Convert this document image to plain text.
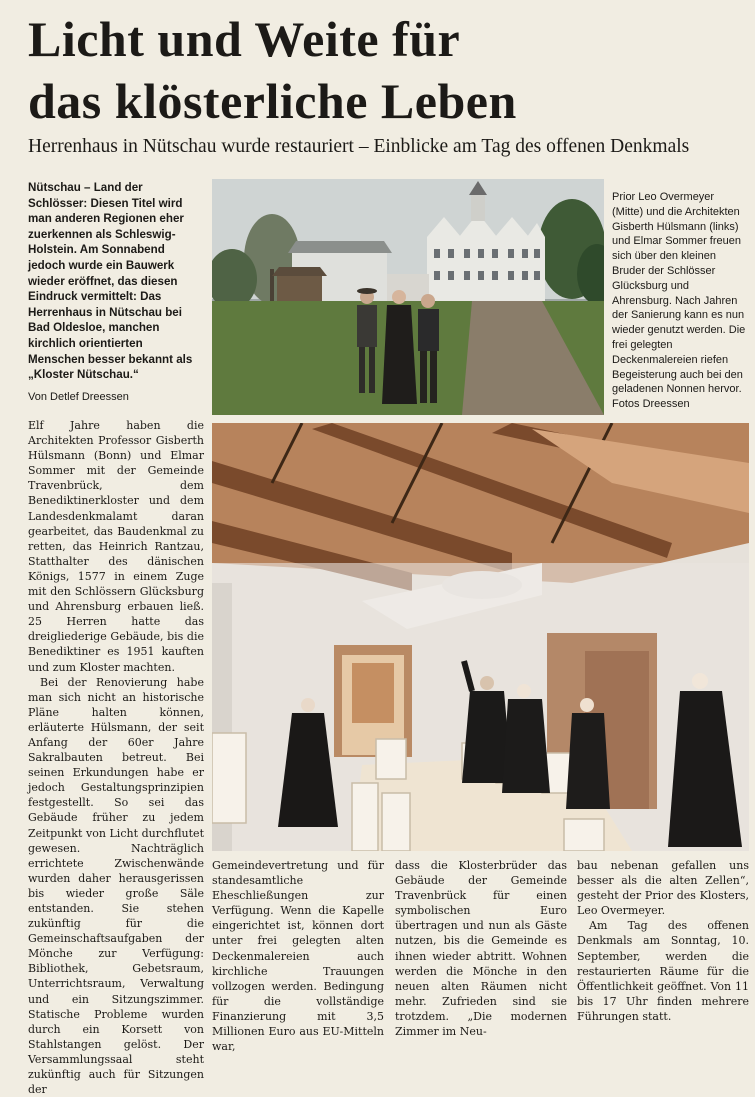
Licht und Weite für
das klösterliche Leben

Herrenhaus in Nütschau wurde restauriert – Einblicke am Tag des offenen Denkmals

Nütschau – Land der Schlösser: Diesen Titel wird man anderen Regionen eher zuerkennen als Schleswig-Holstein. Am Sonnabend jedoch wurde ein Bauwerk wieder eröffnet, das diesen Eindruck vermittelt: Das Herrenhaus in Nütschau bei Bad Oldesloe, manchen kirchlich orientierten Menschen besser bekannt als „Kloster Nütschau.“

Von Detlef Dreessen

Prior Leo Overmeyer (Mitte) und die Architekten Gisberth Hülsmann (links) und Elmar Sommer freuen sich über den kleinen Bruder der Schlösser Glücksburg und Ahrensburg. Nach Jahren der Sanierung kann es nun wieder genutzt werden. Die frei gelegten Deckenmalereien riefen Begeisterung auch bei den geladenen Nonnen hervor. Fotos Dreessen

Elf Jahre haben die Architekten Professor Gisberth Hülsmann (Bonn) und Elmar Sommer mit der Gemeinde Travenbrück, dem Benediktinerkloster und dem Landesdenkmalamt daran gearbeitet, das Baudenkmal zu retten, das Heinrich Rantzau, Statthalter des dänischen Königs, 1577 in einem Zuge mit den Schlössern Glücksburg und Ahrensburg erbauen ließ. 25 Herren hatte das dreigliederige Gebäude, bis die Benediktiner es 1951 kauften und zum Kloster machten.

Bei der Renovierung habe man sich nicht an historische Pläne halten können, erläuterte Hülsmann, der seit Anfang der 60er Jahre Sakralbauten betreut. Bei seinen Erkundungen habe er jedoch Gestaltungsprinzipien festgestellt. So sei das Gebäude früher zu jedem Zeitpunkt von Licht durchflutet gewesen. Nachträglich errichtete Zwischenwände wurden daher herausgerissen bis wieder große Säle entstanden. Sie stehen zukünftig für die Gemeinschaftsaufgaben der Mönche zur Verfügung: Bibliothek, Gebetsraum, Unterrichtsraum, Verwaltung und ein Sitzungszimmer. Statische Probleme wurden durch ein Korsett von Stahlstangen gelöst. Der Versammlungssaal steht zukünftig auch für Sitzungen der

Gemeindevertretung und für standesamtliche Eheschließungen zur Verfügung. Wenn die Kapelle eingerichtet ist, können dort unter frei gelegten alten Deckenmalereien auch kirchliche Trauungen vollzogen werden. Bedingung für die vollständige Finanzierung mit 3,5 Millionen Euro aus EU-Mitteln war,

dass die Klosterbrüder das Gebäude der Gemeinde Travenbrück für einen symbolischen Euro übertragen und nun als Gäste nutzen, bis die Gemeinde es ihnen wieder abtritt. Wohnen werden die Mönche in den neuen alten Räumen nicht mehr. Zufrieden sind sie trotzdem. „Die modernen Zimmer im Neu-

bau nebenan gefallen uns besser als die alten Zellen“, gesteht der Prior des Klosters, Leo Overmeyer.

Am Tag des offenen Denkmals am Sonntag, 10. September, werden die restaurierten Räume für die Öffentlichkeit geöffnet. Von 11 bis 17 Uhr finden mehrere Führungen statt.
